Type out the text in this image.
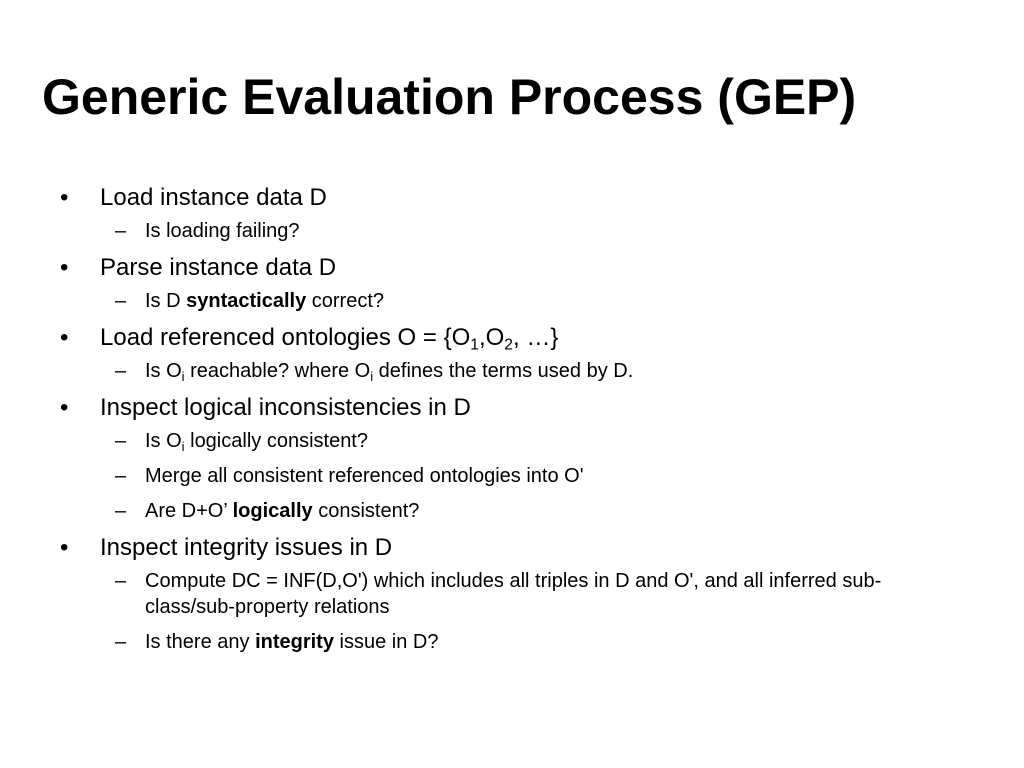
Generic Evaluation Process (GEP)
• Load instance data D
– Is loading failing?
• Parse instance data D
– Is D syntactically correct?
• Load referenced ontologies $O = \{O_1,O_2$, …}
– Is $O_i$ reachable? where $O_i$ defines the terms used by D.
• Inspect logical inconsistencies in D
– Is $O_i$ logically consistent?
– Merge all consistent referenced ontologies into O'
– Are D+O’ logically consistent?
• Inspect integrity issues in D
– Compute DC = INF(D,O') which includes all triples in D and O', and all inferred sub-class/sub-property relations
– Is there any integrity issue in D?
